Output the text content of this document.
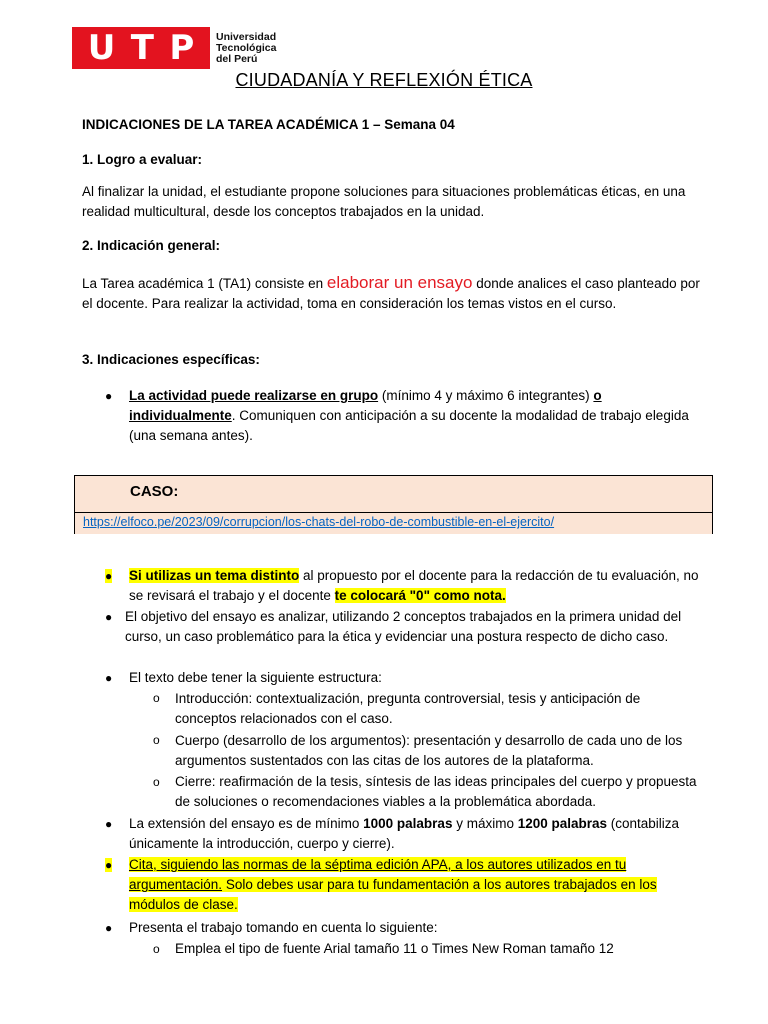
U T P Universidad
Tecnológica
del Perú
CIUDADANÍA Y REFLEXIÓN ÉTICA
INDICACIONES DE LA TAREA ACADÉMICA 1 – Semana 04
1. Logro a evaluar:
Al finalizar la unidad, el estudiante propone soluciones para situaciones problemáticas éticas, en una realidad multicultural, desde los conceptos trabajados en la unidad.
2. Indicación general:
La Tarea académica 1 (TA1) consiste en elaborar un ensayo donde analices el caso planteado por el docente. Para realizar la actividad, toma en consideración los temas vistos en el curso.
3. Indicaciones específicas:
● La actividad puede realizarse en grupo (mínimo 4 y máximo 6 integrantes) o individualmente. Comuniquen con anticipación a su docente la modalidad de trabajo elegida (una semana antes).
CASO:
https://elfoco.pe/2023/09/corrupcion/los-chats-del-robo-de-combustible-en-el-ejercito/
● Si utilizas un tema distinto al propuesto por el docente para la redacción de tu evaluación, no se revisará el trabajo y el docente te colocará "0" como nota.
● El objetivo del ensayo es analizar, utilizando 2 conceptos trabajados en la primera unidad del curso, un caso problemático para la ética y evidenciar una postura respecto de dicho caso.
● El texto debe tener la siguiente estructura:
o Introducción: contextualización, pregunta controversial, tesis y anticipación de conceptos relacionados con el caso.
o Cuerpo (desarrollo de los argumentos): presentación y desarrollo de cada uno de los argumentos sustentados con las citas de los autores de la plataforma.
o Cierre: reafirmación de la tesis, síntesis de las ideas principales del cuerpo y propuesta de soluciones o recomendaciones viables a la problemática abordada.
● La extensión del ensayo es de mínimo 1000 palabras y máximo 1200 palabras (contabiliza únicamente la introducción, cuerpo y cierre).
● Cita, siguiendo las normas de la séptima edición APA, a los autores utilizados en tu argumentación. Solo debes usar para tu fundamentación a los autores trabajados en los módulos de clase.
● Presenta el trabajo tomando en cuenta lo siguiente:
o Emplea el tipo de fuente Arial tamaño 11 o Times New Roman tamaño 12
